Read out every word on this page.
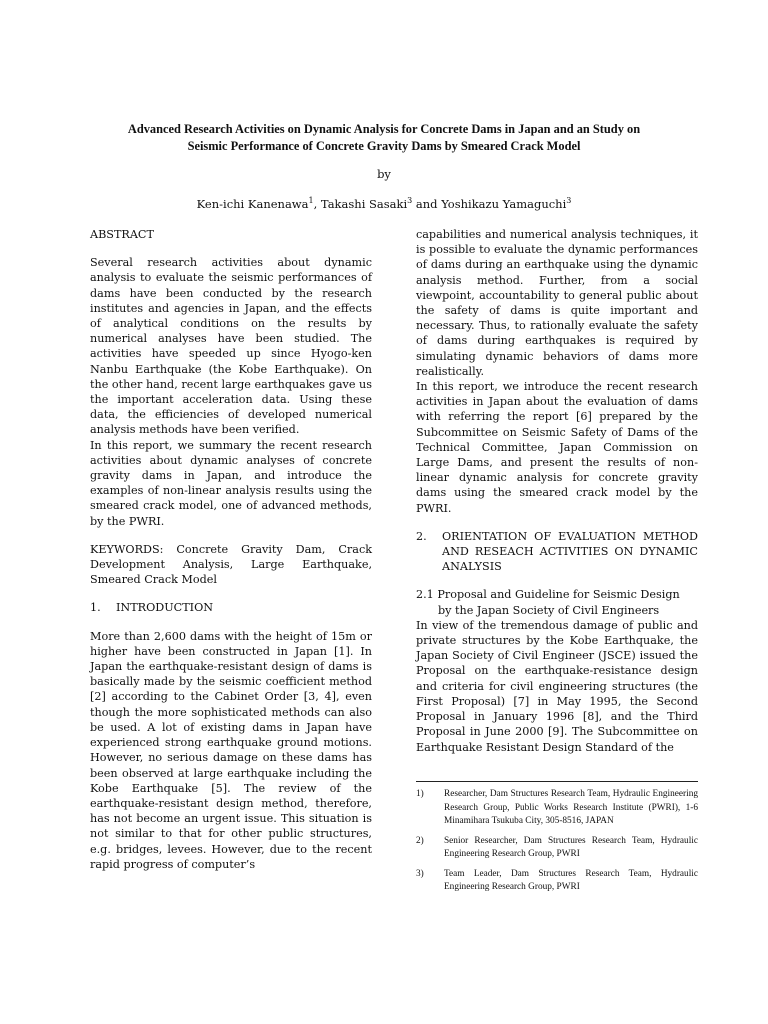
Advanced Research Activities on Dynamic Analysis for Concrete Dams in Japan and an Study on
Seismic Performance of Concrete Gravity Dams by Smeared Crack Model
by
Ken-ichi Kanenawa$^1$, Takashi Sasaki$^3$ and Yoshikazu Yamaguchi$^3$

ABSTRACT

Several research activities about dynamic analysis to evaluate the seismic performances of dams have been conducted by the research institutes and agencies in Japan, and the effects of analytical conditions on the results by numerical analyses have been studied. The activities have speeded up since Hyogo-ken Nanbu Earthquake (the Kobe Earthquake). On the other hand, recent large earthquakes gave us the important acceleration data. Using these data, the efficiencies of developed numerical analysis methods have been verified.

In this report, we summary the recent research activities about dynamic analyses of concrete gravity dams in Japan, and introduce the examples of non-linear analysis results using the smeared crack model, one of advanced methods, by the PWRI.

KEYWORDS: Concrete Gravity Dam, Crack Development Analysis, Large Earthquake, Smeared Crack Model

1.	INTRODUCTION

More than 2,600 dams with the height of 15m or higher have been constructed in Japan [1]. In Japan the earthquake-resistant design of dams is basically made by the seismic coefficient method [2] according to the Cabinet Order [3, 4], even though the more sophisticated methods can also be used. A lot of existing dams in Japan have experienced strong earthquake ground motions. However, no serious damage on these dams has been observed at large earthquake including the Kobe Earthquake [5]. The review of the earthquake-resistant design method, therefore, has not become an urgent issue. This situation is not similar to that for other public structures, e.g. bridges, levees. However, due to the recent rapid progress of computer’s

capabilities and numerical analysis techniques, it is possible to evaluate the dynamic performances of dams during an earthquake using the dynamic analysis method. Further, from a social viewpoint, accountability to general public about the safety of dams is quite important and necessary. Thus, to rationally evaluate the safety of dams during earthquakes is required by simulating dynamic behaviors of dams more realistically.

In this report, we introduce the recent research activities in Japan about the evaluation of dams with referring the report [6] prepared by the Subcommittee on Seismic Safety of Dams of the Technical Committee, Japan Commission on Large Dams, and present the results of non-linear dynamic analysis for concrete gravity dams using the smeared crack model by the PWRI.

2.	ORIENTATION OF EVALUATION METHOD AND RESEACH ACTIVITIES ON DYNAMIC ANALYSIS

2.1 Proposal and Guideline for Seismic Design
by the Japan Society of Civil Engineers

In view of the tremendous damage of public and private structures by the Kobe Earthquake, the Japan Society of Civil Engineer (JSCE) issued the Proposal on the earthquake-resistance design and criteria for civil engineering structures (the First Proposal) [7] in May 1995, the Second Proposal in January 1996 [8], and the Third Proposal in June 2000 [9]. The Subcommittee on Earthquake Resistant Design Standard of the

1)	Researcher, Dam Structures Research Team, Hydraulic Engineering Research Group, Public Works Research Institute (PWRI), 1-6 Minamihara Tsukuba City, 305-8516, JAPAN
2)	Senior Researcher, Dam Structures Research Team, Hydraulic Engineering Research Group, PWRI
3)	Team Leader, Dam Structures Research Team, Hydraulic Engineering Research Group, PWRI
